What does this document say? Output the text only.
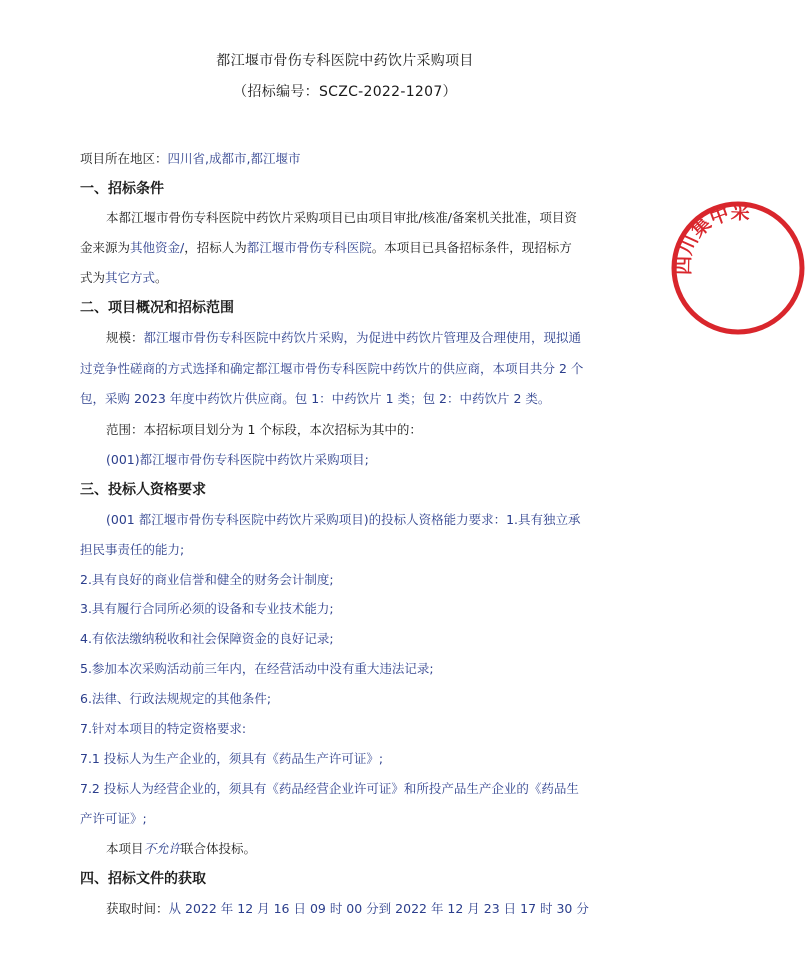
都江堰市骨伤专科医院中药饮片采购项目
（招标编号：SCZC-2022-1207）
项目所在地区：四川省,成都市,都江堰市
一、招标条件
本都江堰市骨伤专科医院中药饮片采购项目已由项目审批/核准/备案机关批准，项目资
金来源为其他资金/，招标人为都江堰市骨伤专科医院。本项目已具备招标条件，现招标方
式为其它方式。
二、项目概况和招标范围
规模：都江堰市骨伤专科医院中药饮片采购，为促进中药饮片管理及合理使用，现拟通
过竞争性磋商的方式选择和确定都江堰市骨伤专科医院中药饮片的供应商，本项目共分 2 个
包，采购 2023 年度中药饮片供应商。包 1：中药饮片 1 类；包 2：中药饮片 2 类。
范围：本招标项目划分为 1 个标段，本次招标为其中的：
(001)都江堰市骨伤专科医院中药饮片采购项目;
三、投标人资格要求
(001 都江堰市骨伤专科医院中药饮片采购项目)的投标人资格能力要求：1.具有独立承
担民事责任的能力;
2.具有良好的商业信誉和健全的财务会计制度;
3.具有履行合同所必须的设备和专业技术能力;
4.有依法缴纳税收和社会保障资金的良好记录;
5.参加本次采购活动前三年内，在经营活动中没有重大违法记录;
6.法律、行政法规规定的其他条件;
7.针对本项目的特定资格要求:
7.1 投标人为生产企业的，须具有《药品生产许可证》;
7.2 投标人为经营企业的，须具有《药品经营企业许可证》和所投产品生产企业的《药品生
产许可证》;
本项目不允许联合体投标。
四、招标文件的获取
获取时间：从 2022 年 12 月 16 日 09 时 00 分到 2022 年 12 月 23 日 17 时 30 分
四川集中采
